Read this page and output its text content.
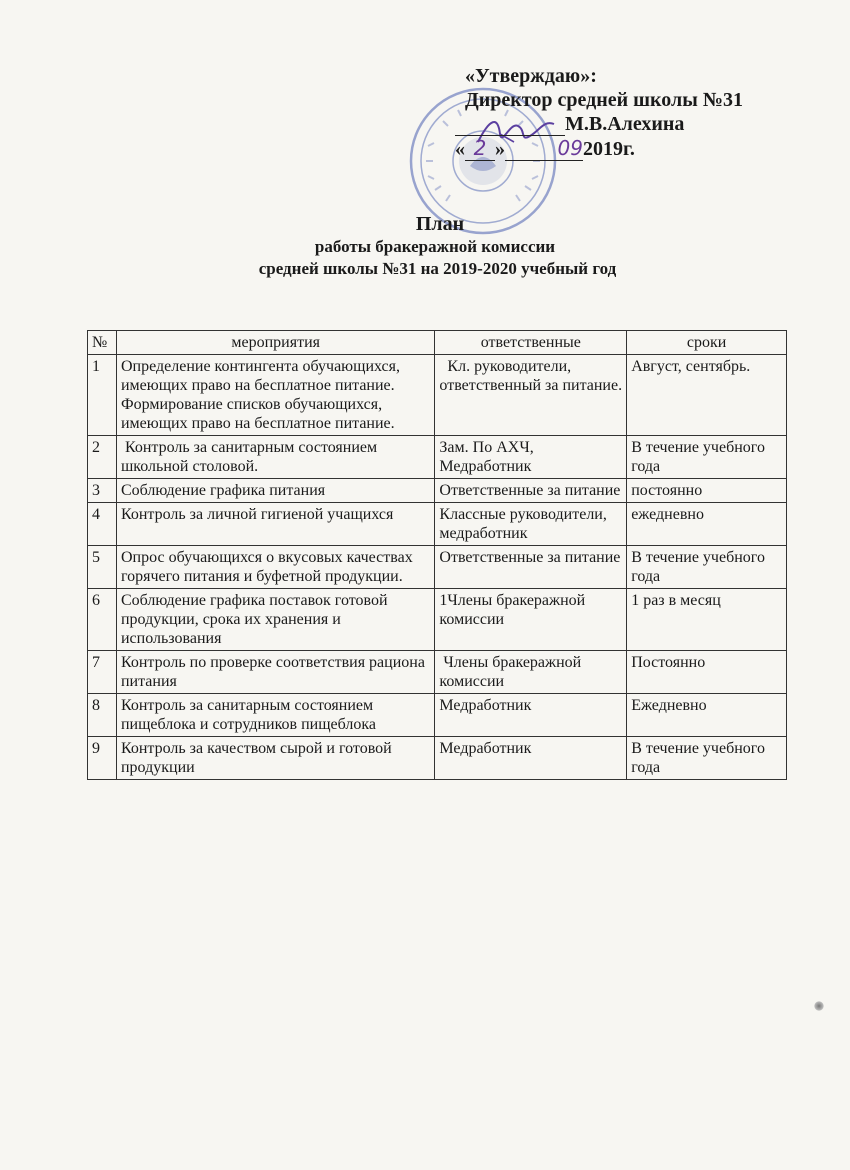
«Утверждаю»:
Директор средней школы №31
М.В.Алехина
« 2 »	092019г.
План
работы бракеражной комиссии
средней школы №31 на 2019-2020 учебный год
№	мероприятия	ответственные	сроки
1	Определение контингента обучающихся, имеющих право на бесплатное питание. Формирование списков обучающихся, имеющих право на бесплатное питание.	Кл. руководители, ответственный за питание.	Август, сентябрь.
2	Контроль за санитарным состоянием школьной столовой.	Зам. По АХЧ, Медработник	В течение учебного года
3	Соблюдение графика питания	Ответственные за питание	постоянно
4	Контроль за личной гигиеной учащихся	Классные руководители, медработник	ежедневно
5	Опрос обучающихся о вкусовых качествах горячего питания и буфетной продукции.	Ответственные за питание	В течение учебного года
6	Соблюдение графика поставок готовой продукции, срока их хранения и использования	1Члены бракеражной комиссии	1 раз в месяц
7	Контроль по проверке соответствия рациона питания	Члены бракеражной комиссии	Постоянно
8	Контроль за санитарным состоянием пищеблока и сотрудников пищеблока	Медработник	Ежедневно
9	Контроль за качеством сырой и готовой продукции	Медработник	В течение учебного года
